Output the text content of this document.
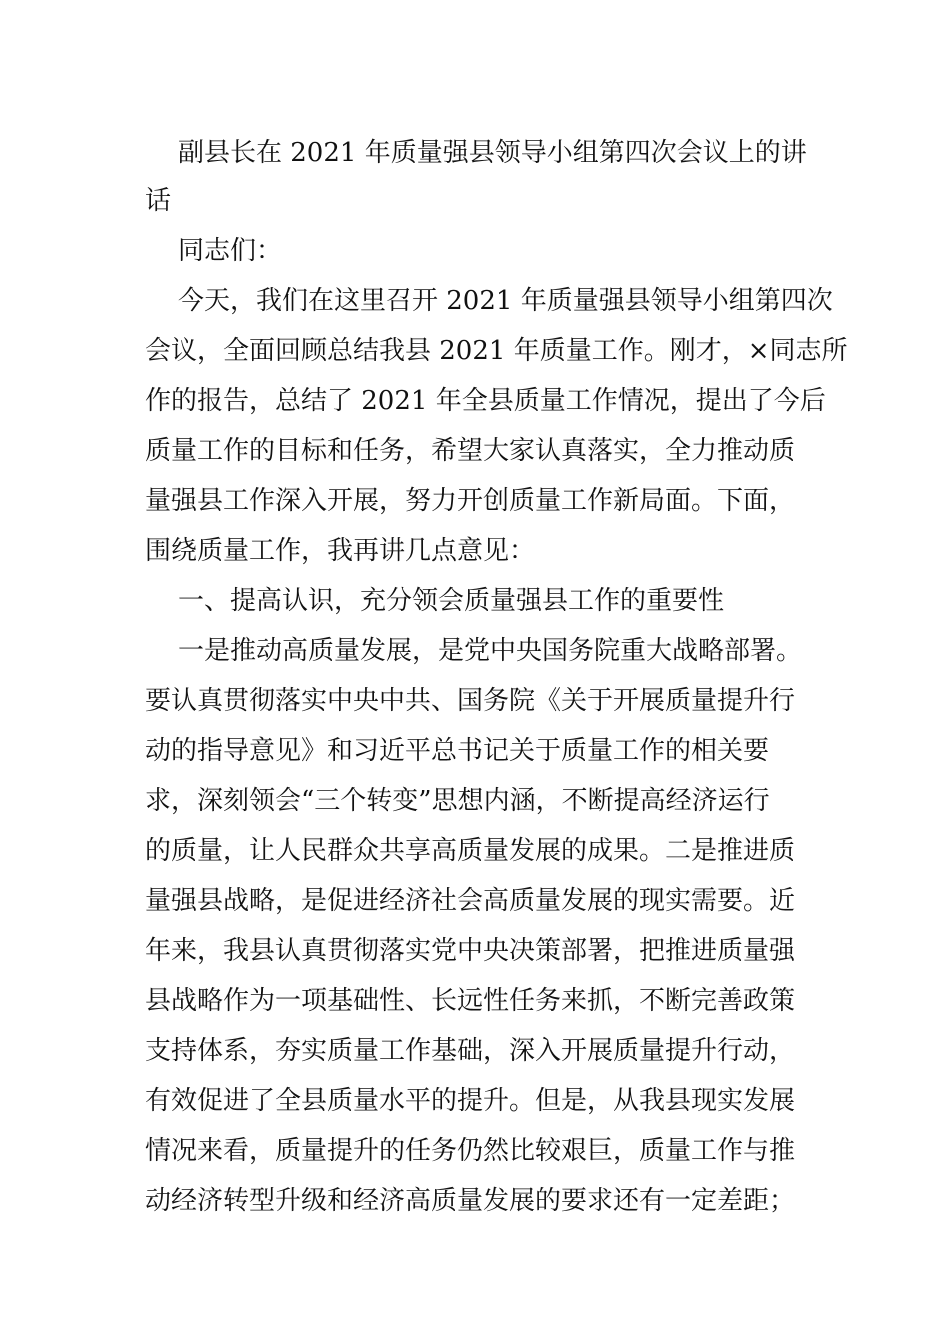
副县长在 2021 年质量强县领导小组第四次会议上的讲
话
同志们：
今天，我们在这里召开 2021 年质量强县领导小组第四次
会议，全面回顾总结我县 2021 年质量工作。刚才，×同志所
作的报告，总结了 2021 年全县质量工作情况，提出了今后
质量工作的目标和任务，希望大家认真落实，全力推动质
量强县工作深入开展，努力开创质量工作新局面。下面，
围绕质量工作，我再讲几点意见：
一、提高认识，充分领会质量强县工作的重要性
一是推动高质量发展，是党中央国务院重大战略部署。
要认真贯彻落实中央中共、国务院《关于开展质量提升行
动的指导意见》和习近平总书记关于质量工作的相关要
求，深刻领会“三个转变”思想内涵，不断提高经济运行
的质量，让人民群众共享高质量发展的成果。二是推进质
量强县战略，是促进经济社会高质量发展的现实需要。近
年来，我县认真贯彻落实党中央决策部署，把推进质量强
县战略作为一项基础性、长远性任务来抓，不断完善政策
支持体系，夯实质量工作基础，深入开展质量提升行动，
有效促进了全县质量水平的提升。但是，从我县现实发展
情况来看，质量提升的任务仍然比较艰巨，质量工作与推
动经济转型升级和经济高质量发展的要求还有一定差距；
